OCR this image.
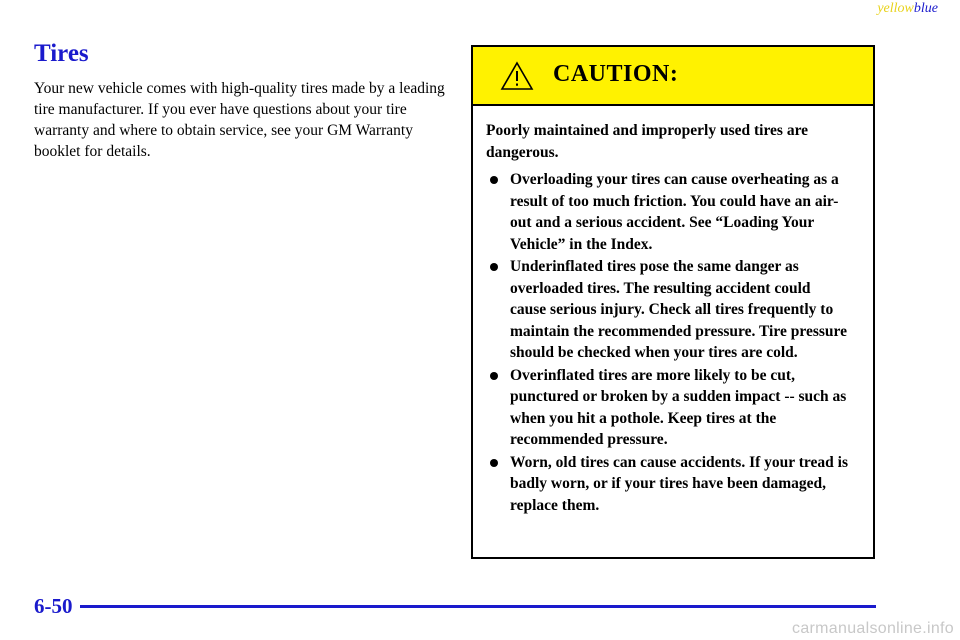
yellowblue
Tires
Your new vehicle comes with high-quality tires made by a leading tire manufacturer. If you ever have questions about your tire warranty and where to obtain service, see your GM Warranty booklet for details.
CAUTION:
Poorly maintained and improperly used tires are dangerous.
Overloading your tires can cause overheating as a result of too much friction. You could have an air-out and a serious accident. See “Loading Your Vehicle” in the Index.
Underinflated tires pose the same danger as overloaded tires. The resulting accident could cause serious injury. Check all tires frequently to maintain the recommended pressure. Tire pressure should be checked when your tires are cold.
Overinflated tires are more likely to be cut, punctured or broken by a sudden impact -- such as when you hit a pothole. Keep tires at the recommended pressure.
Worn, old tires can cause accidents. If your tread is badly worn, or if your tires have been damaged, replace them.
6-50
carmanualsonline.info
